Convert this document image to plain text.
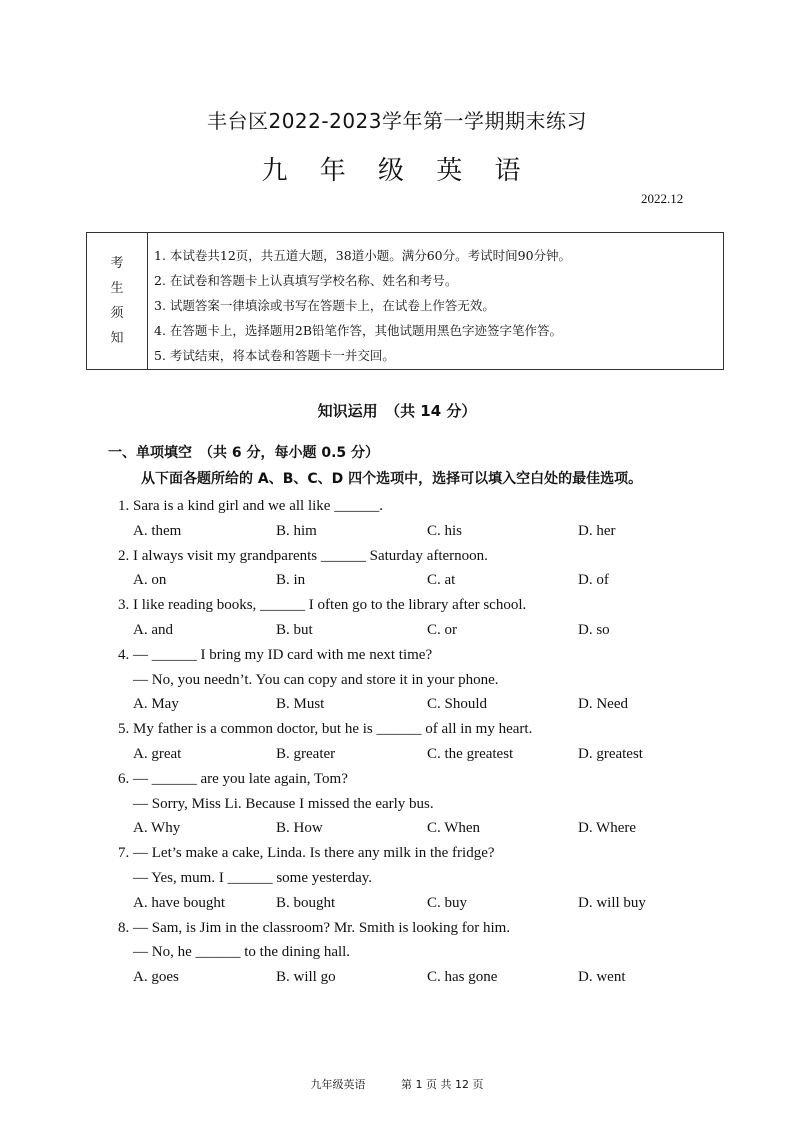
丰台区2022-2023学年第一学期期末练习
九 年 级 英 语
2022.12
考
生
须
知
1. 本试卷共12页，共五道大题，38道小题。满分60分。考试时间90分钟。
2. 在试卷和答题卡上认真填写学校名称、姓名和考号。
3. 试题答案一律填涂或书写在答题卡上，在试卷上作答无效。
4. 在答题卡上，选择题用2B铅笔作答，其他试题用黑色字迹签字笔作答。
5. 考试结束，将本试卷和答题卡一并交回。
知识运用　（共 14 分）
一、单项填空　（共 6 分，每小题 0.5 分）
从下面各题所给的 A、B、C、D 四个选项中，选择可以填入空白处的最佳选项。
1. Sara is a kind girl and we all like ______.
A. them	B. him	C. his	D. her
2. I always visit my grandparents ______ Saturday afternoon.
A. on	B. in	C. at	D. of
3. I like reading books, ______ I often go to the library after school.
A. and	B. but	C. or	D. so
4. — ______ I bring my ID card with me next time?
— No, you needn’t. You can copy and store it in your phone.
A. May	B. Must	C. Should	D. Need
5. My father is a common doctor, but he is ______ of all in my heart.
A. great	B. greater	C. the greatest	D. greatest
6. — ______ are you late again, Tom?
— Sorry, Miss Li. Because I missed the early bus.
A. Why	B. How	C. When	D. Where
7. — Let’s make a cake, Linda. Is there any milk in the fridge?
— Yes, mum. I ______ some yesterday.
A. have bought	B. bought	C. buy	D. will buy
8. — Sam, is Jim in the classroom? Mr. Smith is looking for him.
— No, he ______ to the dining hall.
A. goes	B. will go	C. has gone	D. went
九年级英语	第 1 页 共 12 页
